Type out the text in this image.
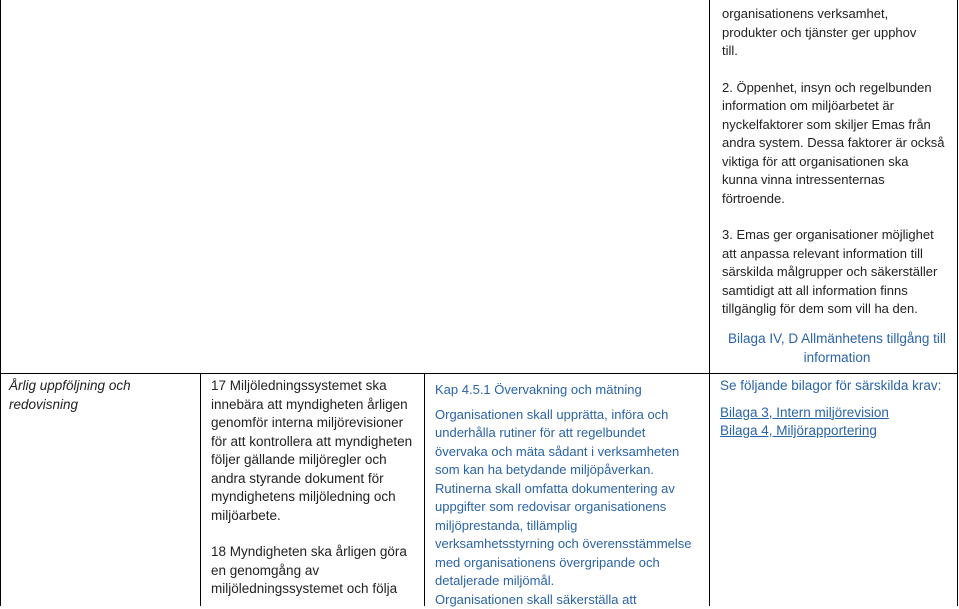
organisationens verksamhet,

produkter och tjänster ger upphov

till.

2. Öppenhet, insyn och regelbunden

information om miljöarbetet är

nyckelfaktorer som skiljer Emas från

andra system. Dessa faktorer är också

viktiga för att organisationen ska

kunna vinna intressenternas

förtroende.

3. Emas ger organisationer möjlighet

att anpassa relevant information till

särskilda målgrupper och säkerställer

samtidigt att all information finns

tillgänglig för dem som vill ha den.

Bilaga IV, D Allmänhetens tillgång till

information

Årlig uppföljning och

redovisning

17 Miljöledningssystemet ska

innebära att myndigheten årligen

genomför interna miljörevisioner

för att kontrollera att myndigheten

följer gällande miljöregler och

andra styrande dokument för

myndighetens miljöledning och

miljöarbete.

18 Myndigheten ska årligen göra

en genomgång av

miljöledningssystemet och följa

Kap 4.5.1 Övervakning och mätning

Organisationen skall upprätta, införa och

underhålla rutiner för att regelbundet

övervaka och mäta sådant i verksamheten

som kan ha betydande miljöpåverkan.

Rutinerna skall omfatta dokumentering av

uppgifter som redovisar organisationens

miljöprestanda, tillämplig

verksamhetsstyrning och överensstämmelse

med organisationens övergripande och

detaljerade miljömål.

Organisationen skall säkerställa att

Se följande bilagor för särskilda krav:

Bilaga 3, Intern miljörevision

Bilaga 4, Miljörapportering
